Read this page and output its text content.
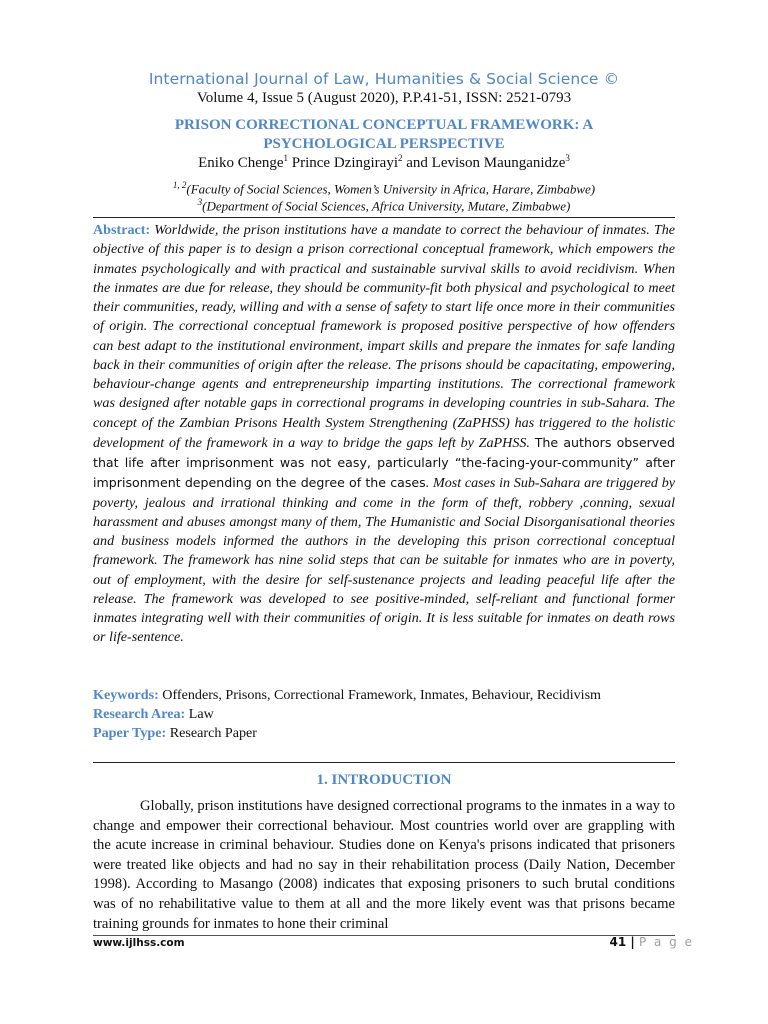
International Journal of Law, Humanities & Social Science ©
Volume 4, Issue 5 (August 2020), P.P.41-51, ISSN: 2521-0793
PRISON CORRECTIONAL CONCEPTUAL FRAMEWORK: A
PSYCHOLOGICAL PERSPECTIVE
Eniko Chenge$^1$ Prince Dzingirayi$^2$ and Levison Maunganidze$^3$
$^{1, 2}$(Faculty of Social Sciences, Women’s University in Africa, Harare, Zimbabwe)
$^3$(Department of Social Sciences, Africa University, Mutare, Zimbabwe)
Abstract: Worldwide, the prison institutions have a mandate to correct the behaviour of inmates. The objective of this paper is to design a prison correctional conceptual framework, which empowers the inmates psychologically and with practical and sustainable survival skills to avoid recidivism. When the inmates are due for release, they should be community-fit both physical and psychological to meet their communities, ready, willing and with a sense of safety to start life once more in their communities of origin. The correctional conceptual framework is proposed positive perspective of how offenders can best adapt to the institutional environment, impart skills and prepare the inmates for safe landing back in their communities of origin after the release. The prisons should be capacitating, empowering, behaviour-change agents and entrepreneurship imparting institutions. The correctional framework was designed after notable gaps in correctional programs in developing countries in sub-Sahara. The concept of the Zambian Prisons Health System Strengthening (ZaPHSS) has triggered to the holistic development of the framework in a way to bridge the gaps left by ZaPHSS. The authors observed that life after imprisonment was not easy, particularly “the-facing-your-community” after imprisonment depending on the degree of the cases. Most cases in Sub-Sahara are triggered by poverty, jealous and irrational thinking and come in the form of theft, robbery ,conning, sexual harassment and abuses amongst many of them, The Humanistic and Social Disorganisational theories and business models informed the authors in the developing this prison correctional conceptual framework. The framework has nine solid steps that can be suitable for inmates who are in poverty, out of employment, with the desire for self-sustenance projects and leading peaceful life after the release. The framework was developed to see positive-minded, self-reliant and functional former inmates integrating well with their communities of origin. It is less suitable for inmates on death rows or life-sentence.
Keywords: Offenders, Prisons, Correctional Framework, Inmates, Behaviour, Recidivism
Research Area: Law
Paper Type: Research Paper
1. INTRODUCTION

Globally, prison institutions have designed correctional programs to the inmates in a way to change and empower their correctional behaviour. Most countries world over are grappling with the acute increase in criminal behaviour. Studies done on Kenya's prisons indicated that prisoners were treated like objects and had no say in their rehabilitation process (Daily Nation, December 1998). According to Masango (2008) indicates that exposing prisoners to such brutal conditions was of no rehabilitative value to them at all and the more likely event was that prisons became training grounds for inmates to hone their criminal

www.ijlhss.com	41 | P a g e
